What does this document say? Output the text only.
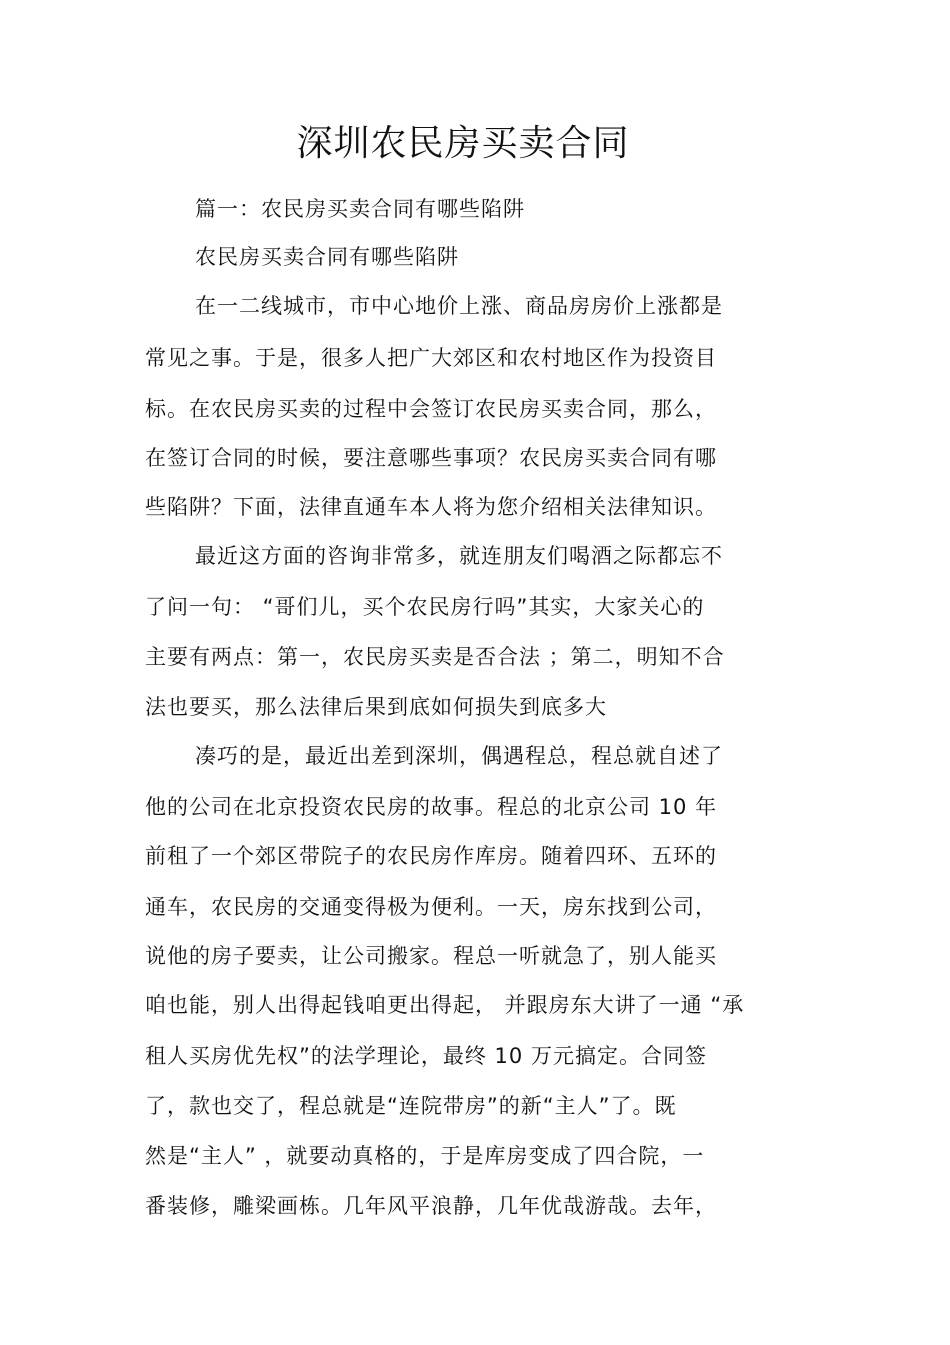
深圳农民房买卖合同
篇一：农民房买卖合同有哪些陷阱
农民房买卖合同有哪些陷阱
在一二线城市，市中心地价上涨、商品房房价上涨都是
常见之事。于是，很多人把广大郊区和农村地区作为投资目
标。在农民房买卖的过程中会签订农民房买卖合同，那么，
在签订合同的时候，要注意哪些事项？农民房买卖合同有哪
些陷阱？下面，法律直通车本人将为您介绍相关法律知识。
最近这方面的咨询非常多，就连朋友们喝酒之际都忘不
了问一句： “哥们儿，买个农民房行吗”其实，大家关心的
主要有两点：第一，农民房买卖是否合法 ；第二，明知不合
法也要买，那么法律后果到底如何损失到底多大
凑巧的是，最近出差到深圳，偶遇程总，程总就自述了
他的公司在北京投资农民房的故事。程总的北京公司 10 年
前租了一个郊区带院子的农民房作库房。随着四环、五环的
通车，农民房的交通变得极为便利。一天，房东找到公司，
说他的房子要卖，让公司搬家。程总一听就急了，别人能买
咱也能，别人出得起钱咱更出得起， 并跟房东大讲了一通 “承
租人买房优先权”的法学理论，最终 10 万元搞定。合同签
了，款也交了，程总就是“连院带房”的新“主人”了。既
然是“主人” ，就要动真格的，于是库房变成了四合院，一
番装修，雕梁画栋。几年风平浪静，几年优哉游哉。去年，
